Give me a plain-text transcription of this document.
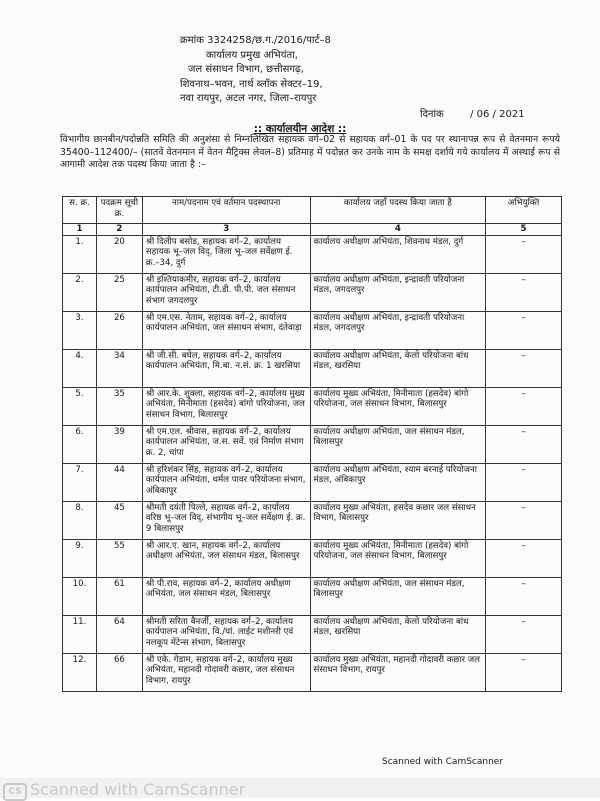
क्रमांक 3324258/छ.ग./2016/पार्ट–8
कार्यालय प्रमुख अभियंता,
जल संसाधन विभाग, छत्तीसगढ़,
शिवनाथ–भवन, नार्थ ब्लॉक सेक्टर–19,
नवा रायपुर, अटल नगर, जिला–रायपुर
दिनांक	/ 06 / 2021
:: कार्यालयीन आदेश ::
विभागीय छानबीन/पदोन्नति समिति की अनुशंसा से निम्नलिखित सहायक वर्ग–02 से सहायक वर्ग–01 के पद पर स्थानापन्न रूप से वेतनमान रूपये 35400–112400/– (सातवें वेतनमान में वेतन मैट्रिक्स लेवल–8) प्रतिमाह में पदोन्नत कर उनके नाम के समक्ष दर्शाये गये कार्यालय में अस्थाई रूप से आगामी आदेश तक पदस्थ किया जाता है :–
स. क्र.	पदक्रम सूची क्र.	नाम/पदनाम एवं वर्तमान पदस्थापना	कार्यालय जहाँ पदस्थ किया जाता है	अभियुक्ति
1	2	3	4	5
1.	20	श्री दिलीप बसोड, सहायक वर्ग–2, कार्यालय सहायक भू–जल विद्, जिला भू–जल सर्वेक्षण ई. क्र.–34, दुर्ग	कार्यालय अधीक्षण अभियंता, शिवनाथ मंडल, दुर्ग	–
2.	25	श्री इश्तियाकमीर, सहायक वर्ग–2, कार्यालय कार्यपालन अभियंता, टी.डी. पी.पी. जल संसाधन संभाग जगदलपुर	कार्यालय अधीक्षण अभियंता, इन्द्रावती परियोजना मंडल, जगदलपुर	–
3.	26	श्री एम.एस. नेताम, सहायक वर्ग–2, कार्यालय कार्यपालन अभियंता, जल संसाधन संभाग, दंतेवाड़ा	कार्यालय अधीक्षण अभियंता, इन्द्रावती परियोजना मंडल, जगदलपुर	–
4.	34	श्री जी.सी. बघेल, सहायक वर्ग–2, कार्यालय कार्यपालन अभियंता, मि.बा. न.सं. क्र. 1 खरसिया	कार्यालय अधीक्षण अभियंता, केलो परियोजना बांध मंडल, खरसिया	–
5.	35	श्री आर.के. शुक्ला, सहायक वर्ग–2, कार्यालय मुख्य अभियंता, मिनीमाता (हसदेव) बांगो परियोजना, जल संसाधन विभाग, बिलासपुर	कार्यालय मुख्य अभियंता, मिनीमाता (हसदेव) बांगो परियोजना, जल संसाधन विभाग, बिलासपुर	–
6.	39	श्री एम.एल. श्रीवास, सहायक वर्ग–2, कार्यालय कार्यपालन अभियंता, ज.स. सर्वे. एवं निर्माण संभाग क्र. 2, चांपा	कार्यालय अधीक्षण अभियंता, जल संसाधन मंडल, बिलासपुर	–
7.	44	श्री हरिशंकर सिंह, सहायक वर्ग–2, कार्यालय कार्यपालन अभियंता, थर्मल पावर परियोजना संभाग, अंबिकापुर	कार्यालय अधीक्षण अभियंता, श्याम बरनाई परियोजना मंडल, अंबिकापुर	–
8.	45	श्रीमती दयंती पिल्ले, सहायक वर्ग–2, कार्यालय वरिष्ठ भू–जल विद्, संभागीय भू–जल सर्वेक्षण ई. क्र. 9 बिलासपुर	कार्यालय मुख्य अभियंता, हसदेव कछार जल संसाधन विभाग, बिलासपुर	–
9.	55	श्री आर.ए. खान, सहायक वर्ग–2, कार्यालय अधीक्षण अभियंता, जल संसाधन मंडल, बिलासपुर	कार्यालय मुख्य अभियंता, मिनीमाता (हसदेव) बांगो परियोजना, जल संसाधन विभाग, बिलासपुर	–
10.	61	श्री पी.राव, सहायक वर्ग–2, कार्यालय अधीक्षण अभियंता, जल संसाधन मंडल, बिलासपुर	कार्यालय अधीक्षण अभियंता, जल संसाधन मंडल, बिलासपुर	–
11.	64	श्रीमती सरिता बैनर्जी, सहायक वर्ग–2, कार्यालय कार्यपालन अभियंता, वि./यां. लाईट मशीनरी एवं नलकूप मेंटेन्स संभाग, बिलासपुर	कार्यालय अधीक्षण अभियंता, केलो परियोजना बांध मंडल, खरसिया	–
12.	66	श्री एके. गेडाम, सहायक वर्ग–2, कार्यालय मुख्य अभियंता, महानदी गोदावरी कछार, जल संसाधन विभाग, रायपुर	कार्यालय मुख्य अभियंता, महानदी गोदावरी कछार जल संसाधन विभाग, रायपुर	–
Scanned with CamScanner
CS Scanned with CamScanner
